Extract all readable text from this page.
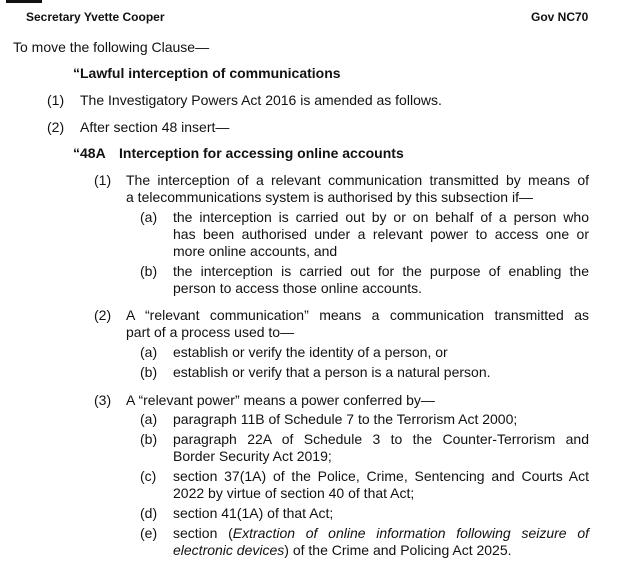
Secretary Yvette Cooper	Gov NC70
To move the following Clause—
“Lawful interception of communications
(1) The Investigatory Powers Act 2016 is amended as follows.
(2) After section 48 insert—
“48A Interception for accessing online accounts
(1) The interception of a relevant communication transmitted by means of
a telecommunications system is authorised by this subsection if—
(a) the interception is carried out by or on behalf of a person who
has been authorised under a relevant power to access one or
more online accounts, and
(b) the interception is carried out for the purpose of enabling the
person to access those online accounts.
(2) A “relevant communication” means a communication transmitted as
part of a process used to—
(a) establish or verify the identity of a person, or
(b) establish or verify that a person is a natural person.
(3) A “relevant power” means a power conferred by—
(a) paragraph 11B of Schedule 7 to the Terrorism Act 2000;
(b) paragraph 22A of Schedule 3 to the Counter-Terrorism and
Border Security Act 2019;
(c) section 37(1A) of the Police, Crime, Sentencing and Courts Act
2022 by virtue of section 40 of that Act;
(d) section 41(1A) of that Act;
(e) section (Extraction of online information following seizure of
electronic devices) of the Crime and Policing Act 2025.
